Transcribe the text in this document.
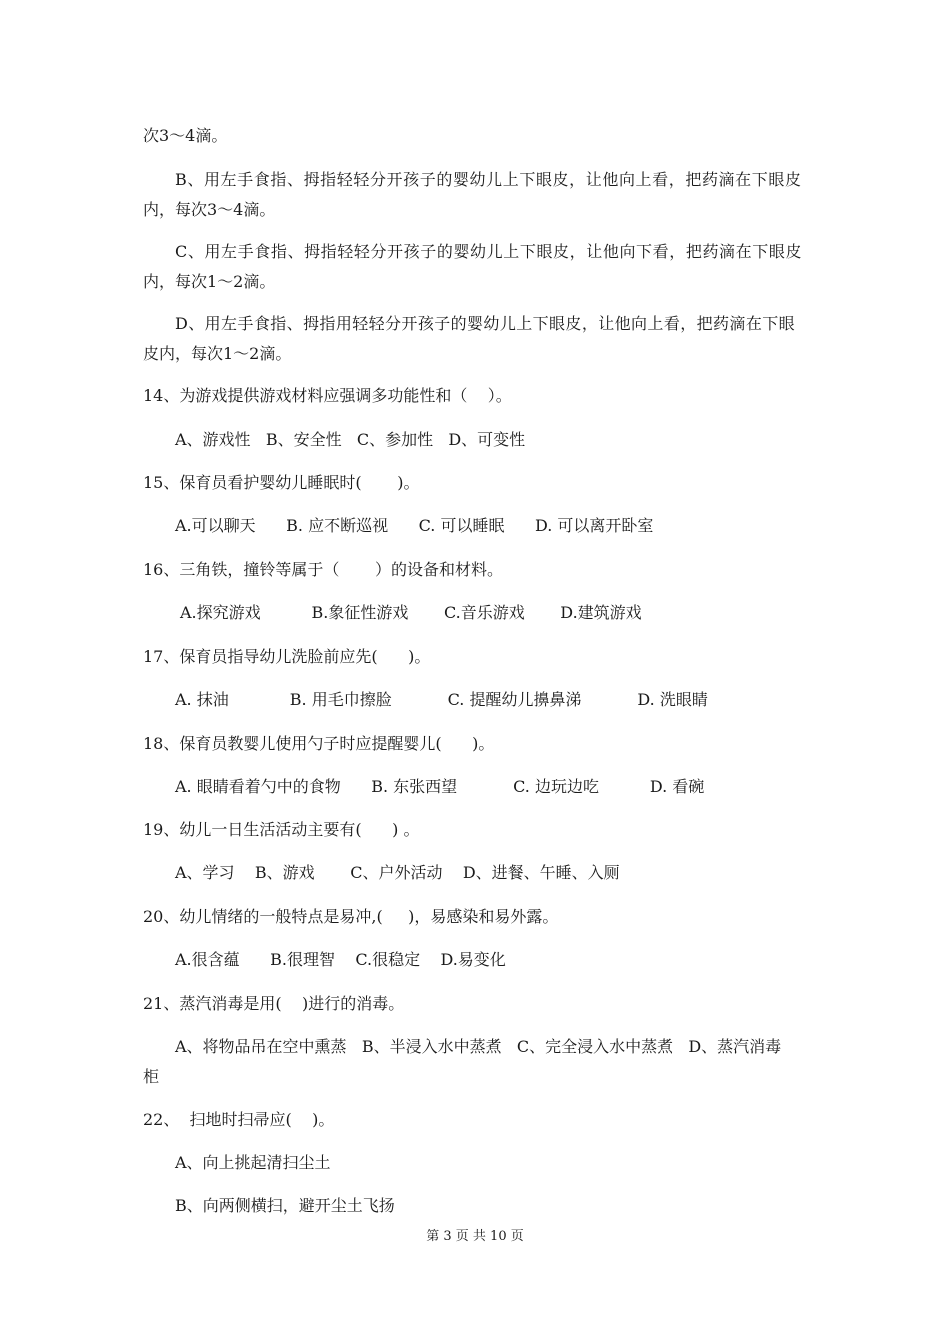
次3～4滴。
B、用左手食指、拇指轻轻分开孩子的婴幼儿上下眼皮，让他向上看，把药滴在下眼皮
内，每次3～4滴。
C、用左手食指、拇指轻轻分开孩子的婴幼儿上下眼皮，让他向下看，把药滴在下眼皮
内，每次1～2滴。
D、用左手食指、拇指用轻轻分开孩子的婴幼儿上下眼皮，让他向上看，把药滴在下眼
皮内，每次1～2滴。
14、为游戏提供游戏材料应强调多功能性和（    ）。
A、游戏性   B、安全性   C、参加性   D、可变性
15、保育员看护婴幼儿睡眠时(       )。
A.可以聊天      B. 应不断巡视      C. 可以睡眠      D. 可以离开卧室
16、三角铁，撞铃等属于（       ）的设备和材料。
A.探究游戏          B.象征性游戏       C.音乐游戏       D.建筑游戏
17、保育员指导幼儿洗脸前应先(      )。
A. 抹油            B. 用毛巾擦脸           C. 提醒幼儿擤鼻涕           D. 洗眼睛
18、保育员教婴儿使用勺子时应提醒婴儿(      )。
A. 眼睛看着勺中的食物      B. 东张西望           C. 边玩边吃          D. 看碗
19、幼儿一日生活活动主要有(      ) 。
A、学习    B、游戏       C、户外活动    D、进餐、午睡、入厕
20、幼儿情绪的一般特点是易冲,(     )，易感染和易外露。
A.很含蕴      B.很理智    C.很稳定    D.易变化
21、蒸汽消毒是用(    )进行的消毒。
A、将物品吊在空中熏蒸   B、半浸入水中蒸煮   C、完全浸入水中蒸煮   D、蒸汽消毒
柜
22、  扫地时扫帚应(    )。
A、向上挑起清扫尘土
B、向两侧横扫，避开尘土飞扬
第 3 页 共 10 页
